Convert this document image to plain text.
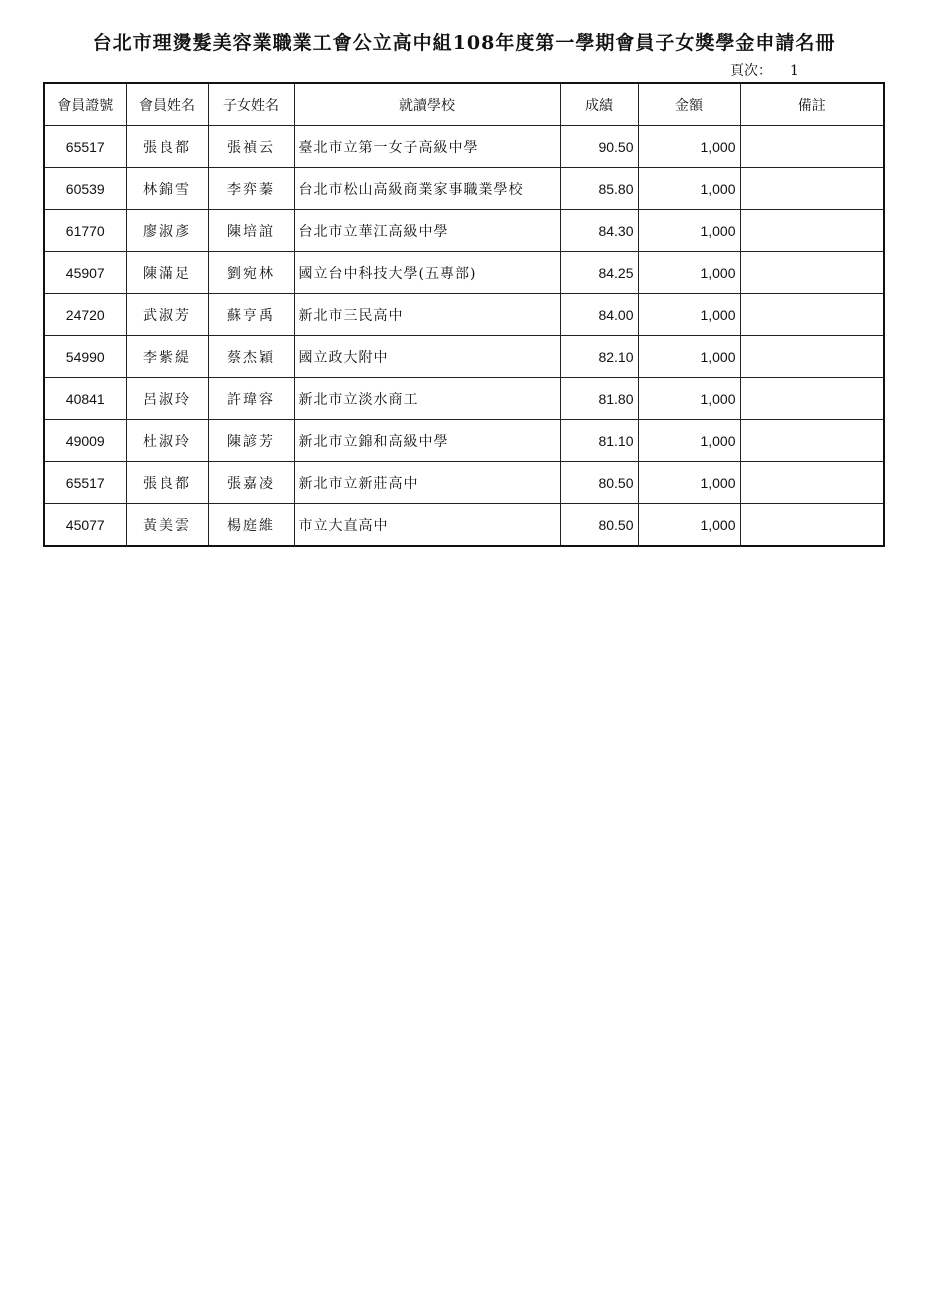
台北市理燙髮美容業職業工會公立高中組108年度第一學期會員子女獎學金申請名冊
頁次： 1
會員證號	會員姓名	子女姓名	就讀學校	成績	金額	備註
65517	張良都	張禎云	臺北市立第一女子高級中學	90.50	1,000	
60539	林錦雪	李弈蓁	台北市松山高級商業家事職業學校	85.80	1,000	
61770	廖淑彥	陳培誼	台北市立華江高級中學	84.30	1,000	
45907	陳滿足	劉宛林	國立台中科技大學(五專部)	84.25	1,000	
24720	武淑芳	蘇亨禹	新北市三民高中	84.00	1,000	
54990	李紫緹	蔡杰穎	國立政大附中	82.10	1,000	
40841	呂淑玲	許瑋容	新北市立淡水商工	81.80	1,000	
49009	杜淑玲	陳諺芳	新北市立錦和高級中學	81.10	1,000	
65517	張良都	張嘉凌	新北市立新莊高中	80.50	1,000	
45077	黃美雲	楊庭維	市立大直高中	80.50	1,000	
